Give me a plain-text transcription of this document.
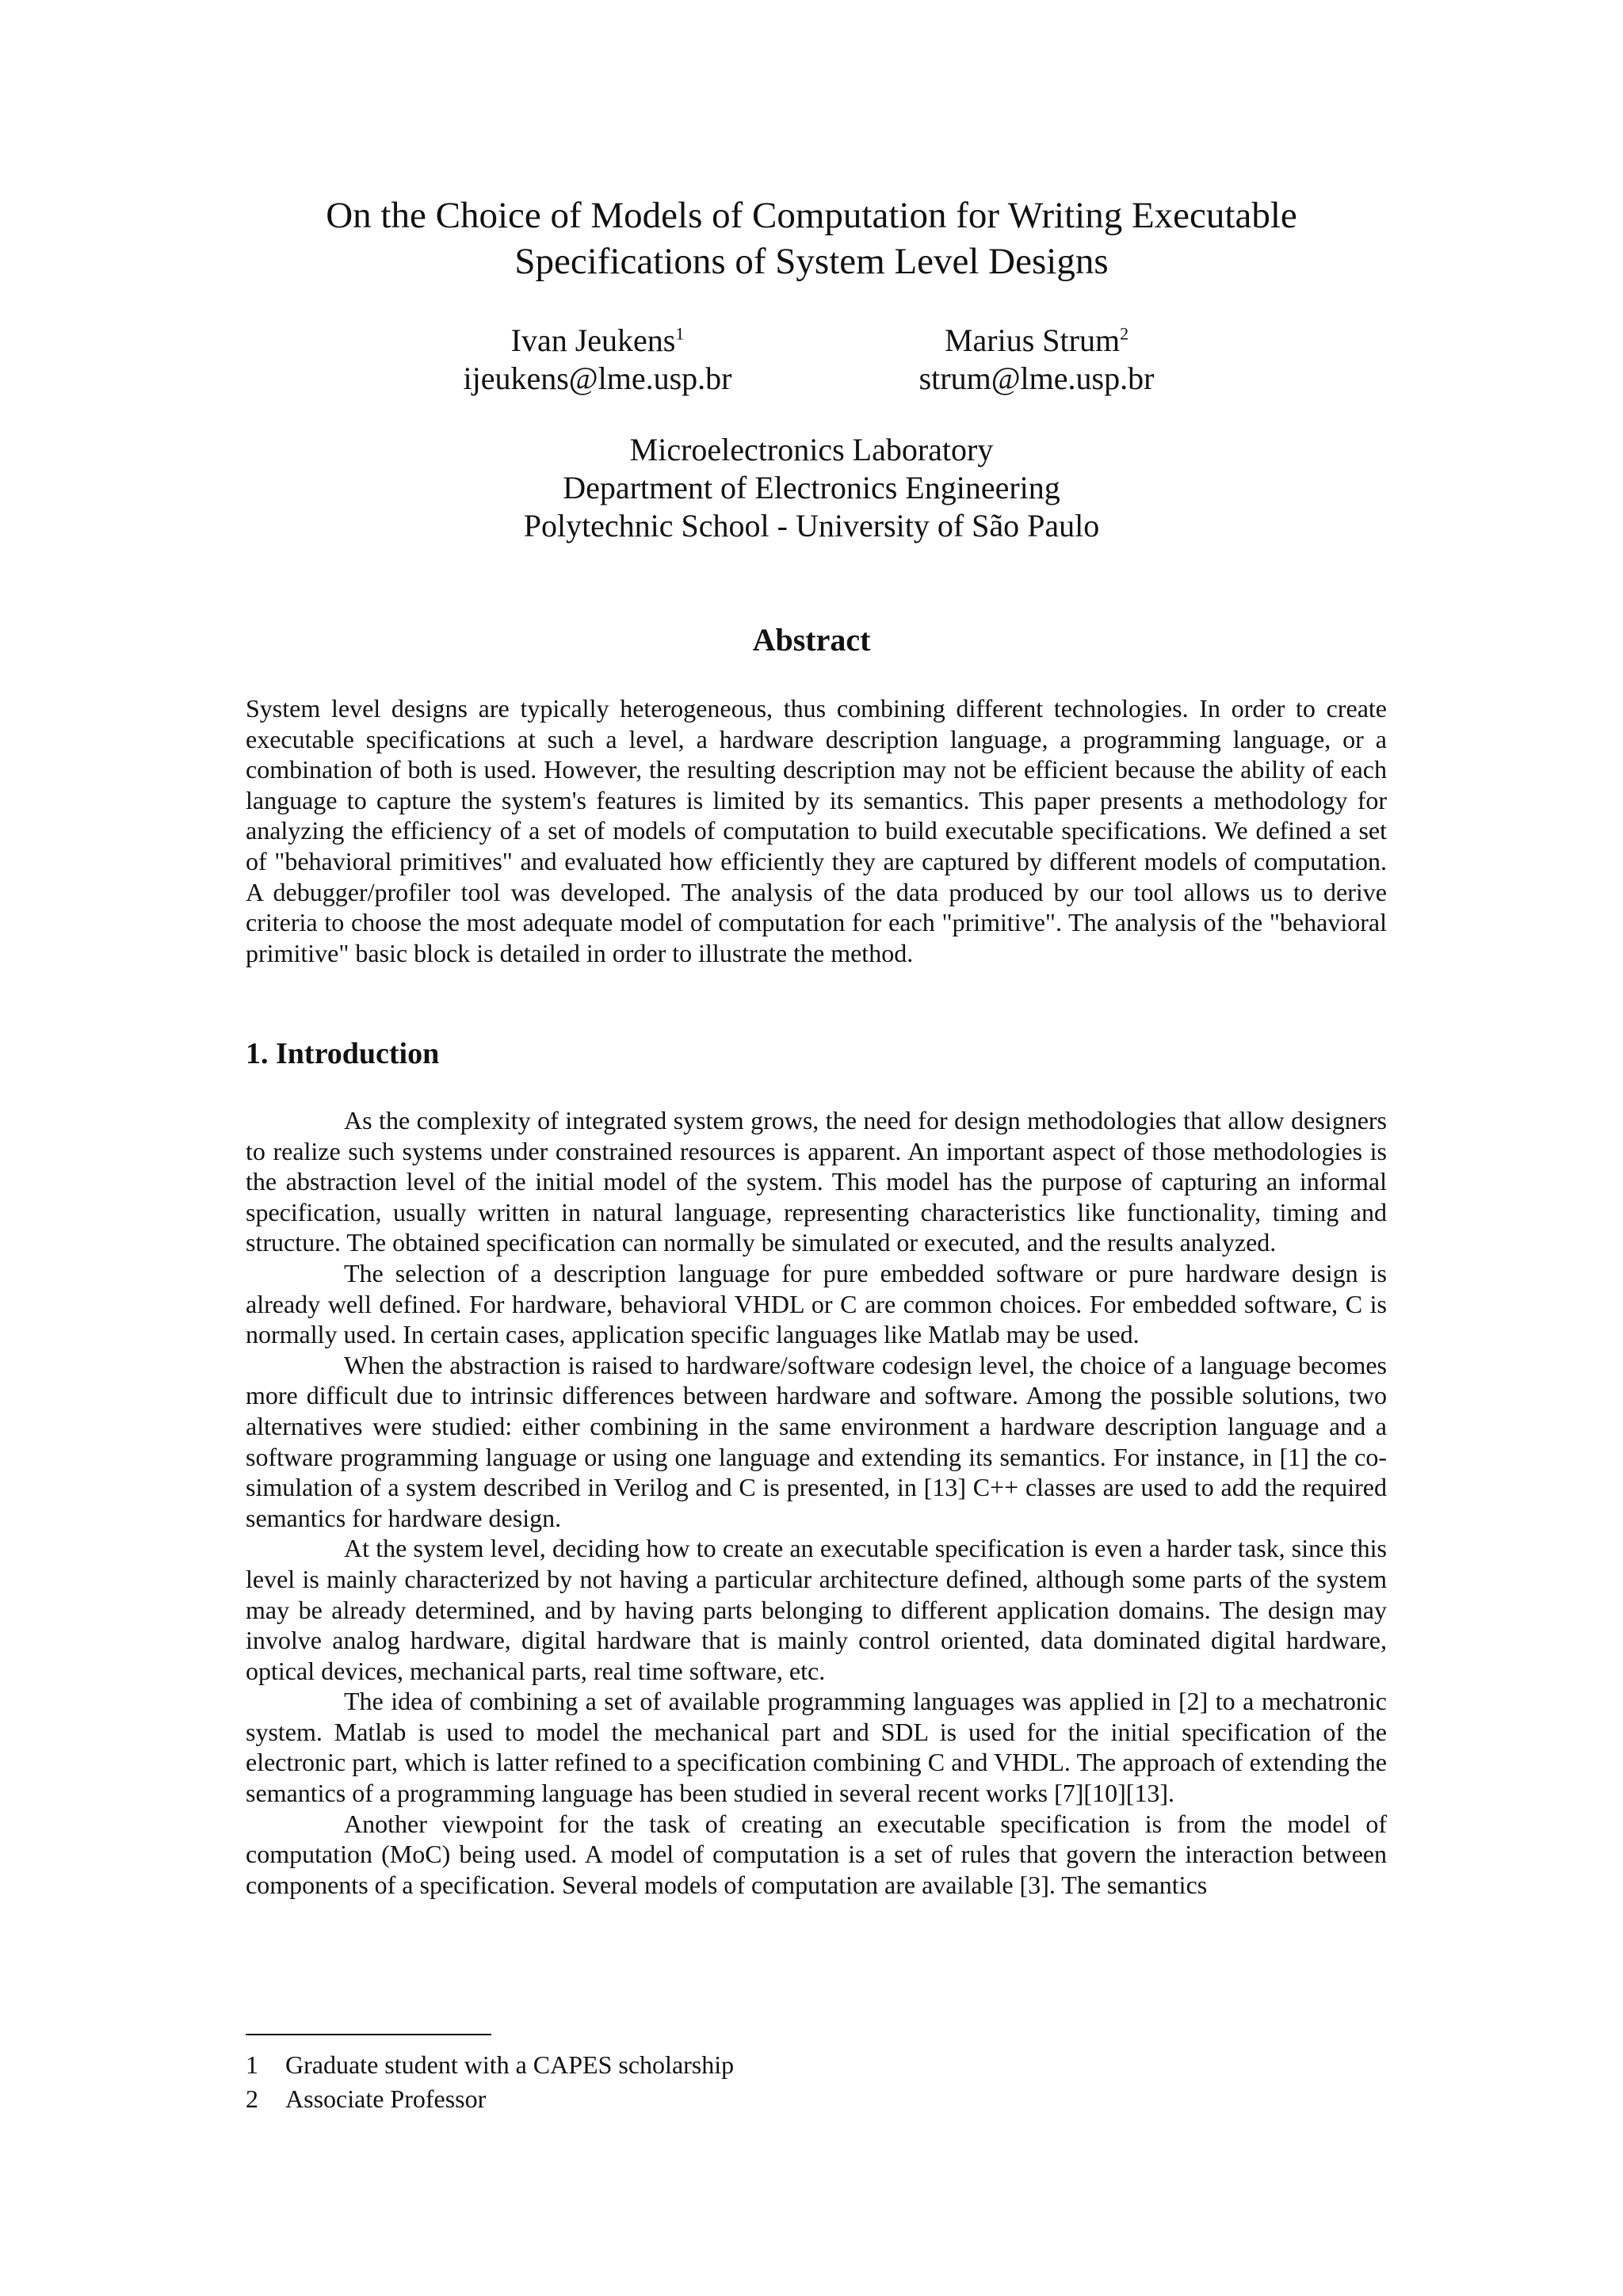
On the Choice of Models of Computation for Writing Executable
Specifications of System Level Designs
Ivan Jeukens$^1$
ijeukens@lme.usp.br
Marius Strum$^2$
strum@lme.usp.br
Microelectronics Laboratory
Department of Electronics Engineering
Polytechnic School - University of São Paulo
Abstract
System level designs are typically heterogeneous, thus combining different technologies. In order to create executable specifications at such a level, a hardware description language, a programming language, or a combination of both is used. However, the resulting description may not be efficient because the ability of each language to capture the system's features is limited by its semantics. This paper presents a methodology for analyzing the efficiency of a set of models of computation to build executable specifications. We defined a set of "behavioral primitives" and evaluated how efficiently they are captured by different models of computation. A debugger/profiler tool was developed. The analysis of the data produced by our tool allows us to derive criteria to choose the most adequate model of computation for each "primitive". The analysis of the "behavioral primitive" basic block is detailed in order to illustrate the method.
1. Introduction

As the complexity of integrated system grows, the need for design methodologies that allow designers to realize such systems under constrained resources is apparent. An important aspect of those methodologies is the abstraction level of the initial model of the system. This model has the purpose of capturing an informal specification, usually written in natural language, representing characteristics like functionality, timing and structure. The obtained specification can normally be simulated or executed, and the results analyzed.

The selection of a description language for pure embedded software or pure hardware design is already well defined. For hardware, behavioral VHDL or C are common choices. For embedded software, C is normally used. In certain cases, application specific languages like Matlab may be used.

When the abstraction is raised to hardware/software codesign level, the choice of a language becomes more difficult due to intrinsic differences between hardware and software. Among the possible solutions, two alternatives were studied: either combining in the same environment a hardware description language and a software programming language or using one language and extending its semantics. For instance, in [1] the co-simulation of a system described in Verilog and C is presented, in [13] C++ classes are used to add the required semantics for hardware design.

At the system level, deciding how to create an executable specification is even a harder task, since this level is mainly characterized by not having a particular architecture defined, although some parts of the system may be already determined, and by having parts belonging to different application domains. The design may involve analog hardware, digital hardware that is mainly control oriented, data dominated digital hardware, optical devices, mechanical parts, real time software, etc.

The idea of combining a set of available programming languages was applied in [2] to a mechatronic system. Matlab is used to model the mechanical part and SDL is used for the initial specification of the electronic part, which is latter refined to a specification combining C and VHDL. The approach of extending the semantics of a programming language has been studied in several recent works [7][10][13].

Another viewpoint for the task of creating an executable specification is from the model of computation (MoC) being used. A model of computation is a set of rules that govern the interaction between components of a specification. Several models of computation are available [3]. The semantics

1	Graduate student with a CAPES scholarship
2	Associate Professor
